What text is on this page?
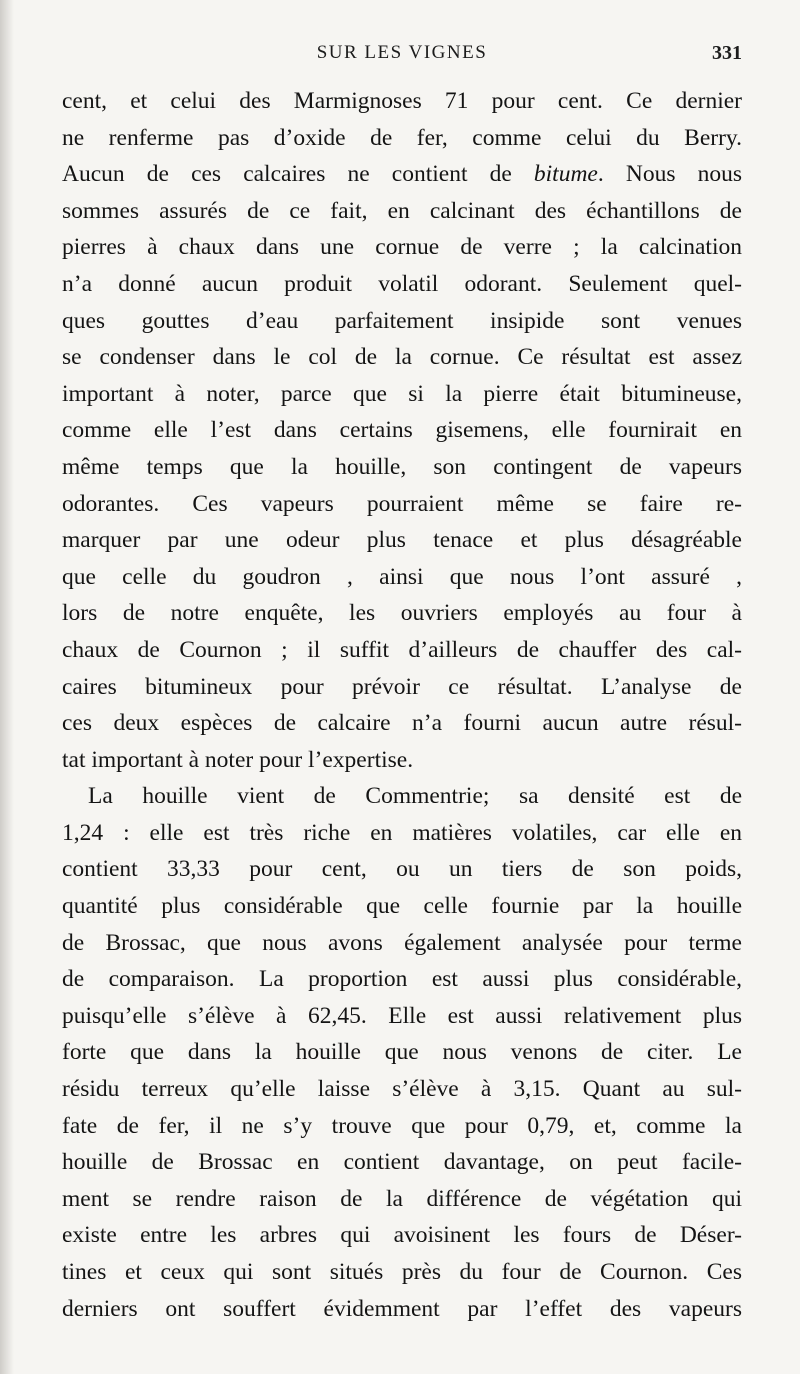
SUR LES VIGNES	331
cent, et celui des Marmignoses 71 pour cent. Ce dernier
ne renferme pas d’oxide de fer, comme celui du Berry.
Aucun de ces calcaires ne contient de bitume. Nous nous
sommes assurés de ce fait, en calcinant des échantillons de
pierres à chaux dans une cornue de verre ; la calcination
n’a donné aucun produit volatil odorant. Seulement quel-
ques gouttes d’eau parfaitement insipide sont venues
se condenser dans le col de la cornue. Ce résultat est assez
important à noter, parce que si la pierre était bitumineuse,
comme elle l’est dans certains gisemens, elle fournirait en
même temps que la houille, son contingent de vapeurs
odorantes. Ces vapeurs pourraient même se faire re-
marquer par une odeur plus tenace et plus désagréable
que celle du goudron , ainsi que nous l’ont assuré ,
lors de notre enquête, les ouvriers employés au four à
chaux de Cournon ; il suffit d’ailleurs de chauffer des cal-
caires bitumineux pour prévoir ce résultat. L’analyse de
ces deux espèces de calcaire n’a fourni aucun autre résul-
tat important à noter pour l’expertise.
La houille vient de Commentrie; sa densité est de
1,24 : elle est très riche en matières volatiles, car elle en
contient 33,33 pour cent, ou un tiers de son poids,
quantité plus considérable que celle fournie par la houille
de Brossac, que nous avons également analysée pour terme
de comparaison. La proportion est aussi plus considérable,
puisqu’elle s’élève à 62,45. Elle est aussi relativement plus
forte que dans la houille que nous venons de citer. Le
résidu terreux qu’elle laisse s’élève à 3,15. Quant au sul-
fate de fer, il ne s’y trouve que pour 0,79, et, comme la
houille de Brossac en contient davantage, on peut facile-
ment se rendre raison de la différence de végétation qui
existe entre les arbres qui avoisinent les fours de Déser-
tines et ceux qui sont situés près du four de Cournon. Ces
derniers ont souffert évidemment par l’effet des vapeurs
